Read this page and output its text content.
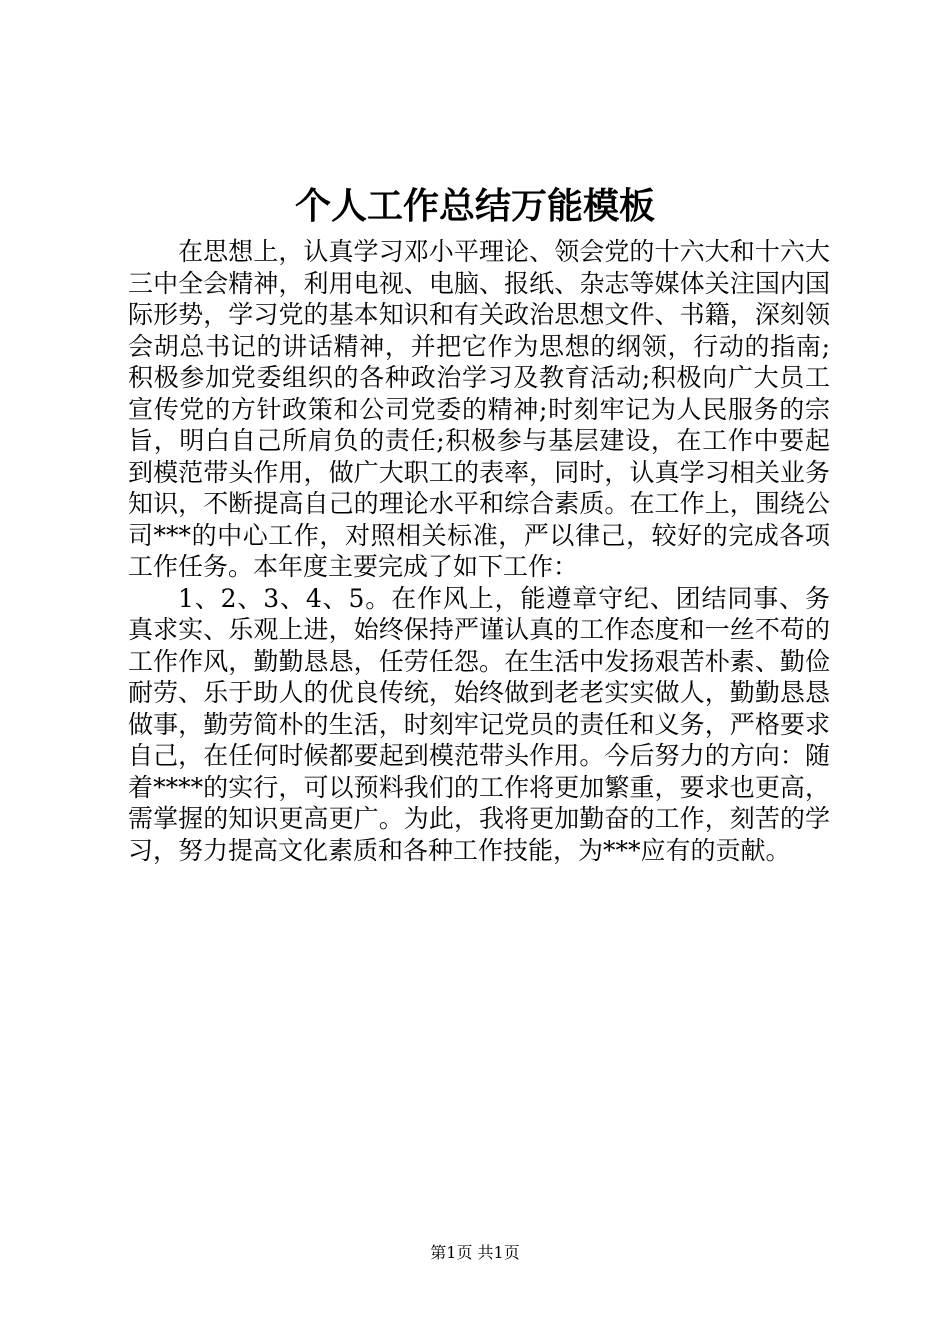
个人工作总结万能模板

在思想上，认真学习邓小平理论、领会党的十六大和十六大三中全会精神，利用电视、电脑、报纸、杂志等媒体关注国内国际形势，学习党的基本知识和有关政治思想文件、书籍，深刻领会胡总书记的讲话精神，并把它作为思想的纲领，行动的指南;积极参加党委组织的各种政治学习及教育活动;积极向广大员工宣传党的方针政策和公司党委的精神;时刻牢记为人民服务的宗旨，明白自己所肩负的责任;积极参与基层建设，在工作中要起到模范带头作用，做广大职工的表率，同时，认真学习相关业务知识，不断提高自己的理论水平和综合素质。在工作上，围绕公司***的中心工作，对照相关标准，严以律己，较好的完成各项工作任务。本年度主要完成了如下工作：

1、2、3、4、5。在作风上，能遵章守纪、团结同事、务真求实、乐观上进，始终保持严谨认真的工作态度和一丝不苟的工作作风，勤勤恳恳，任劳任怨。在生活中发扬艰苦朴素、勤俭耐劳、乐于助人的优良传统，始终做到老老实实做人，勤勤恳恳做事，勤劳简朴的生活，时刻牢记党员的责任和义务，严格要求自己，在任何时候都要起到模范带头作用。今后努力的方向：随着****的实行，可以预料我们的工作将更加繁重，要求也更高，需掌握的知识更高更广。为此，我将更加勤奋的工作，刻苦的学习，努力提高文化素质和各种工作技能，为***应有的贡献。

第1页 共1页
